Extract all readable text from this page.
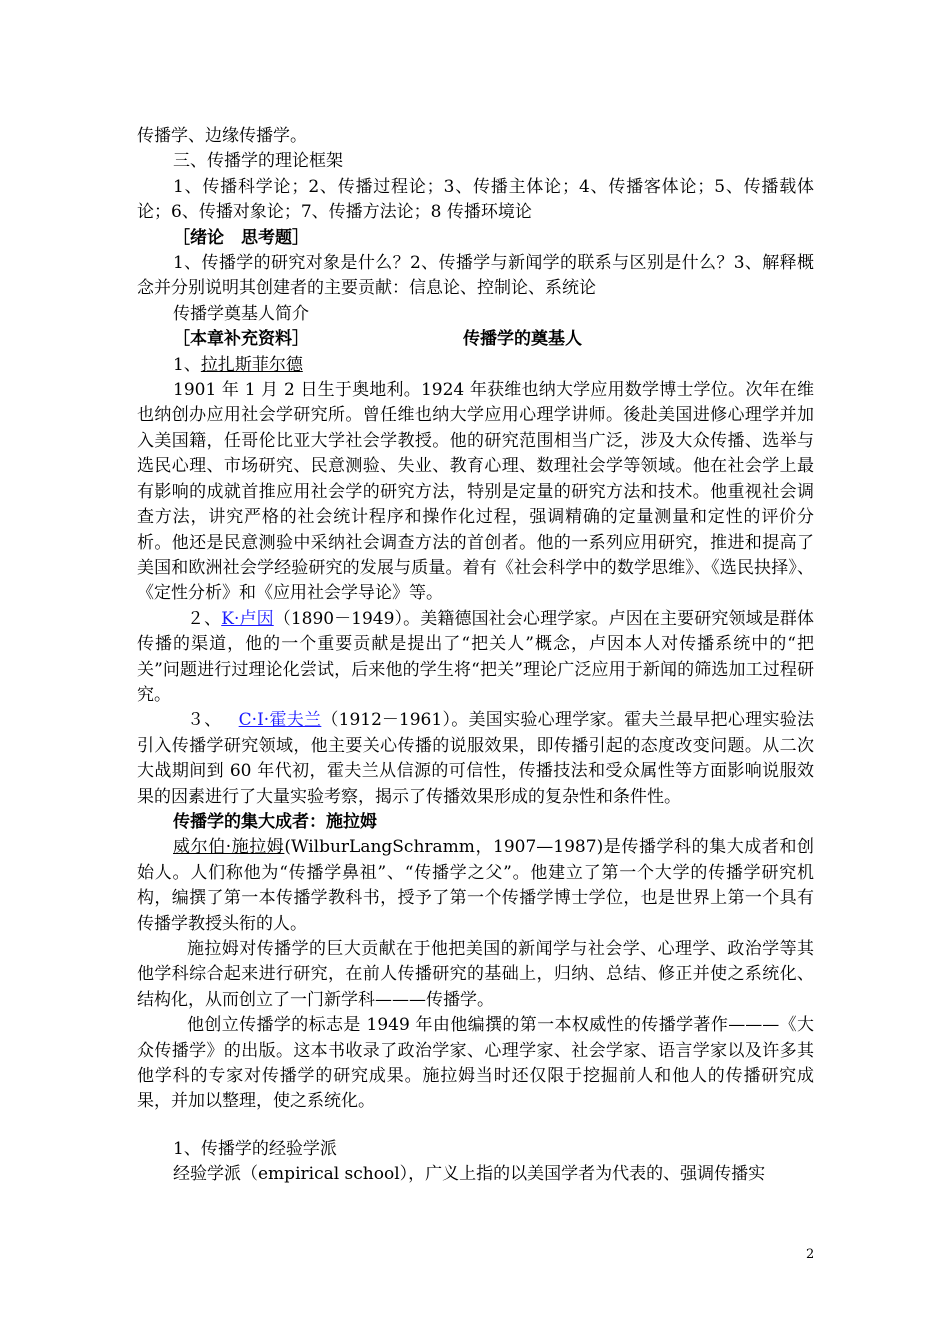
传播学、边缘传播学。

三、传播学的理论框架

1、传播科学论；2、传播过程论；3、传播主体论；4、传播客体论；5、传播载体论；6、传播对象论；7、传播方法论；8 传播环境论

［绪论　思考题］

1、传播学的研究对象是什么？2、传播学与新闻学的联系与区别是什么？3、解释概念并分别说明其创建者的主要贡献：信息论、控制论、系统论

传播学奠基人简介

［本章补充资料］	传播学的奠基人

1、拉扎斯菲尔德

1901 年 1 月 2 日生于奥地利。1924 年获维也纳大学应用数学博士学位。次年在维也纳创办应用社会学研究所。曾任维也纳大学应用心理学讲师。後赴美国进修心理学并加入美国籍，任哥伦比亚大学社会学教授。他的研究范围相当广泛，涉及大众传播、选举与选民心理、市场研究、民意测验、失业、教育心理、数理社会学等领域。他在社会学上最有影响的成就首推应用社会学的研究方法，特别是定量的研究方法和技术。他重视社会调查方法，讲究严格的社会统计程序和操作化过程，强调精确的定量测量和定性的评价分析。他还是民意测验中采纳社会调查方法的首创者。他的一系列应用研究，推进和提高了美国和欧洲社会学经验研究的发展与质量。着有《社会科学中的数学思维》、《选民抉择》、《定性分析》和《应用社会学导论》等。

２、K·卢因（1890－1949）。美籍德国社会心理学家。卢因在主要研究领域是群体传播的渠道，他的一个重要贡献是提出了“把关人”概念，卢因本人对传播系统中的“把关”问题进行过理论化尝试，后来他的学生将“把关”理论广泛应用于新闻的筛选加工过程研究。

３、 C·I·霍夫兰（1912－1961）。美国实验心理学家。霍夫兰最早把心理实验法引入传播学研究领域，他主要关心传播的说服效果，即传播引起的态度改变问题。从二次大战期间到 60 年代初，霍夫兰从信源的可信性，传播技法和受众属性等方面影响说服效果的因素进行了大量实验考察，揭示了传播效果形成的复杂性和条件性。

传播学的集大成者：施拉姆

威尔伯·施拉姆(WilburLangSchramm，1907—1987)是传播学科的集大成者和创始人。人们称他为“传播学鼻祖”、“传播学之父”。他建立了第一个大学的传播学研究机构，编撰了第一本传播学教科书，授予了第一个传播学博士学位，也是世界上第一个具有传播学教授头衔的人。

施拉姆对传播学的巨大贡献在于他把美国的新闻学与社会学、心理学、政治学等其他学科综合起来进行研究，在前人传播研究的基础上，归纳、总结、修正并使之系统化、结构化，从而创立了一门新学科———传播学。

他创立传播学的标志是 1949 年由他编撰的第一本权威性的传播学著作———《大众传播学》的出版。这本书收录了政治学家、心理学家、社会学家、语言学家以及许多其他学科的专家对传播学的研究成果。施拉姆当时还仅限于挖掘前人和他人的传播研究成果，并加以整理，使之系统化。

1、传播学的经验学派

经验学派（empirical school），广义上指的以美国学者为代表的、强调传播实

2
